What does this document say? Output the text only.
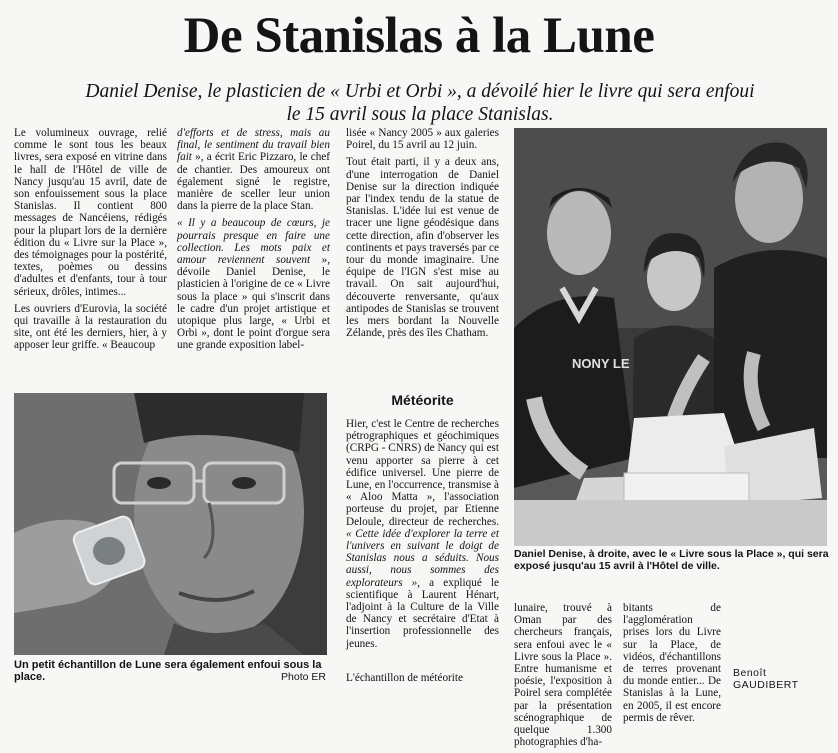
De Stanislas à la Lune
Daniel Denise, le plasticien de « Urbi et Orbi », a dévoilé hier le livre qui sera enfoui
le 15 avril sous la place Stanislas.

Le volumineux ouvrage, relié comme le sont tous les beaux livres, sera exposé en vitrine dans le hall de l'Hôtel de ville de Nancy jusqu'au 15 avril, date de son enfouissement sous la place Stanislas. Il contient 800 messages de Nancéiens, rédigés pour la plupart lors de la dernière édition du « Livre sur la Place », des témoignages pour la postérité, textes, poèmes ou dessins d'adultes et d'enfants, tour à tour sérieux, drôles, intimes...

Les ouvriers d'Eurovia, la société qui travaille à la restauration du site, ont été les derniers, hier, à y apposer leur griffe. « Beaucoup

d'efforts et de stress, mais au final, le sentiment du travail bien fait », a écrit Eric Pizzaro, le chef de chantier. Des amoureux ont également signé le registre, manière de sceller leur union dans la pierre de la place Stan.

« Il y a beaucoup de cœurs, je pourrais presque en faire une collection. Les mots paix et amour reviennent souvent », dévoile Daniel Denise, le plasticien à l'origine de ce « Livre sous la place » qui s'inscrit dans le cadre d'un projet artistique et utopique plus large, « Urbi et Orbi », dont le point d'orgue sera une grande exposition label-

lisée « Nancy 2005 » aux galeries Poirel, du 15 avril au 12 juin.

Tout était parti, il y a deux ans, d'une interrogation de Daniel Denise sur la direction indiquée par l'index tendu de la statue de Stanislas. L'idée lui est venue de tracer une ligne géodésique dans cette direction, afin d'observer les continents et pays traversés par ce tour du monde imaginaire. Une équipe de l'IGN s'est mise au travail. On sait aujourd'hui, découverte renversante, qu'aux antipodes de Stanislas se trouvent les mers bordant la Nouvelle Zélande, près des îles Chatham.

Météorite

Hier, c'est le Centre de recherches pétrographiques et géochimiques (CRPG - CNRS) de Nancy qui est venu apporter sa pierre à cet édifice universel. Une pierre de Lune, en l'occurrence, transmise à « Aloo Matta », l'association porteuse du projet, par Etienne Deloule, directeur de recherches. « Cette idée d'explorer la terre et l'univers en suivant le doigt de Stanislas nous a séduits. Nous aussi, nous sommes des explorateurs », a expliqué le scientifique à Laurent Hénart, l'adjoint à la Culture de la Ville de Nancy et secrétaire d'Etat à l'insertion professionnelle des jeunes.

L'échantillon de météorite
Un petit échantillon de Lune sera également enfoui sous la place.	Photo ER
NONY LE
Daniel Denise, à droite, avec le « Livre sous la Place », qui sera exposé jusqu'au 15 avril à l'Hôtel de ville.

lunaire, trouvé à Oman par des chercheurs français, sera enfoui avec le « Livre sous la Place ». Entre humanisme et poésie, l'exposition à Poirel sera complétée par la présentation scénographique de quelque 1.300 photographies d'ha-

bitants de l'agglomération prises lors du Livre sur la Place, de vidéos, d'échantillons de terres provenant du monde entier... De Stanislas à la Lune, en 2005, il est encore permis de rêver.

Benoît GAUDIBERT
